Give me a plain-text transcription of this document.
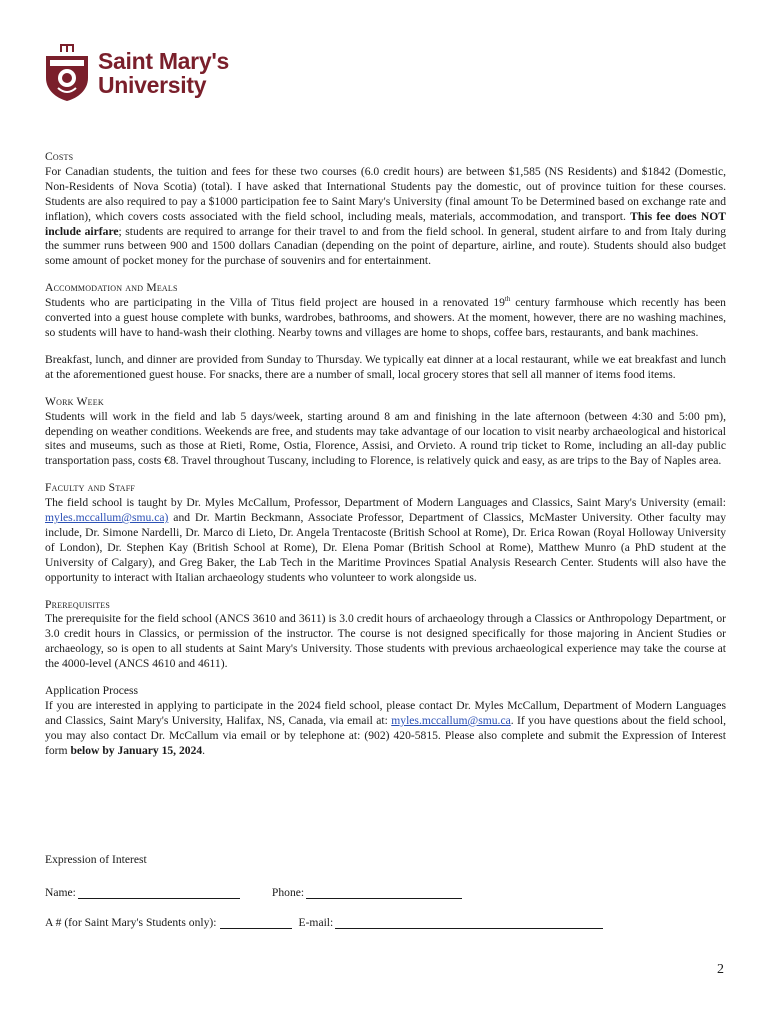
Saint Mary's
University
Costs

For Canadian students, the tuition and fees for these two courses (6.0 credit hours) are between $1,585 (NS Residents) and $1842 (Domestic, Non-Residents of Nova Scotia) (total). I have asked that International Students pay the domestic, out of province tuition for these courses. Students are also required to pay a $1000 participation fee to Saint Mary's University (final amount To be Determined based on exchange rate and inflation), which covers costs associated with the field school, including meals, materials, accommodation, and transport. This fee does NOT include airfare; students are required to arrange for their travel to and from the field school. In general, student airfare to and from Italy during the summer runs between 900 and 1500 dollars Canadian (depending on the point of departure, airline, and route). Students should also budget some amount of pocket money for the purchase of souvenirs and for entertainment.

Accommodation and Meals

Students who are participating in the Villa of Titus field project are housed in a renovated 19th century farmhouse which recently has been converted into a guest house complete with bunks, wardrobes, bathrooms, and showers. At the moment, however, there are no washing machines, so students will have to hand-wash their clothing. Nearby towns and villages are home to shops, coffee bars, restaurants, and bank machines.

Breakfast, lunch, and dinner are provided from Sunday to Thursday. We typically eat dinner at a local restaurant, while we eat breakfast and lunch at the aforementioned guest house. For snacks, there are a number of small, local grocery stores that sell all manner of items food items.

Work Week

Students will work in the field and lab 5 days/week, starting around 8 am and finishing in the late afternoon (between 4:30 and 5:00 pm), depending on weather conditions. Weekends are free, and students may take advantage of our location to visit nearby archaeological and historical sites and museums, such as those at Rieti, Rome, Ostia, Florence, Assisi, and Orvieto. A round trip ticket to Rome, including an all-day public transportation pass, costs €8. Travel throughout Tuscany, including to Florence, is relatively quick and easy, as are trips to the Bay of Naples area.

Faculty and Staff

The field school is taught by Dr. Myles McCallum, Professor, Department of Modern Languages and Classics, Saint Mary's University (email: myles.mccallum@smu.ca) and Dr. Martin Beckmann, Associate Professor, Department of Classics, McMaster University. Other faculty may include, Dr. Simone Nardelli, Dr. Marco di Lieto, Dr. Angela Trentacoste (British School at Rome), Dr. Erica Rowan (Royal Holloway University of London), Dr. Stephen Kay (British School at Rome), Dr. Elena Pomar (British School at Rome), Matthew Munro (a PhD student at the University of Calgary), and Greg Baker, the Lab Tech in the Maritime Provinces Spatial Analysis Research Center. Students will also have the opportunity to interact with Italian archaeology students who volunteer to work alongside us.

Prerequisites

The prerequisite for the field school (ANCS 3610 and 3611) is 3.0 credit hours of archaeology through a Classics or Anthropology Department, or 3.0 credit hours in Classics, or permission of the instructor. The course is not designed specifically for those majoring in Ancient Studies or archaeology, so is open to all students at Saint Mary's University. Those students with previous archaeological experience may take the course at the 4000-level (ANCS 4610 and 4611).

Application Process

If you are interested in applying to participate in the 2024 field school, please contact Dr. Myles McCallum, Department of Modern Languages and Classics, Saint Mary's University, Halifax, NS, Canada, via email at: myles.mccallum@smu.ca. If you have questions about the field school, you may also contact Dr. McCallum via email or by telephone at: (902) 420-5815. Please also complete and submit the Expression of Interest form below by January 15, 2024.

Expression of Interest
Name:	Phone:
A # (for Saint Mary's Students only):	E-mail:
2
